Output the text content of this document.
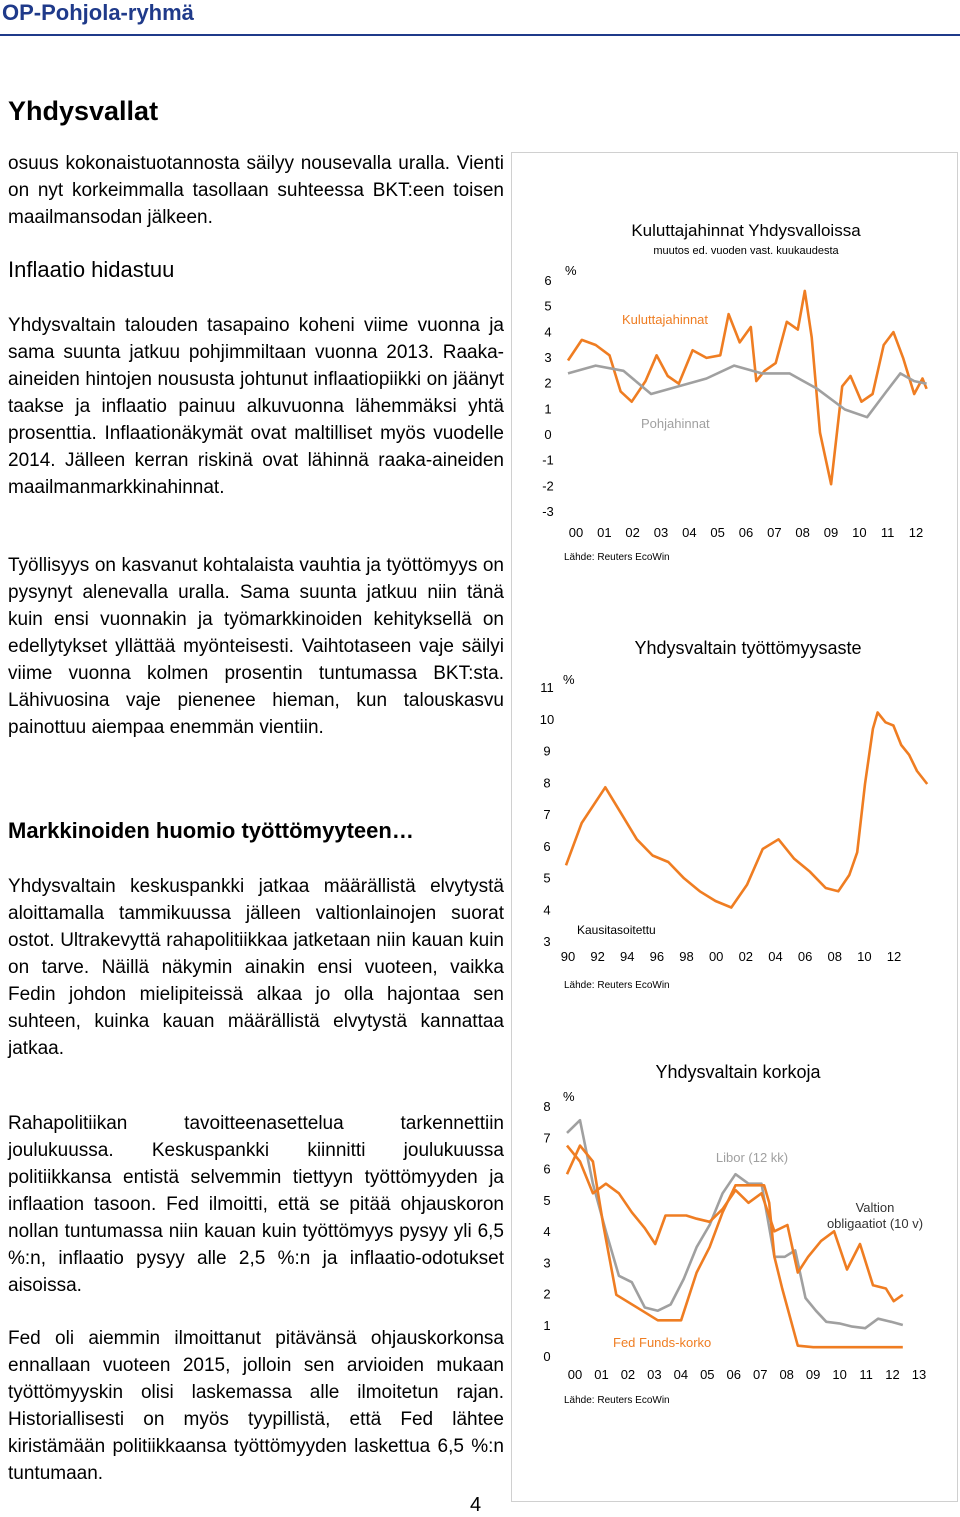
OP-Pohjola-ryhmä
Yhdysvallat

osuus kokonaistuotannosta säilyy nousevalla uralla. Vienti on nyt korkeimmalla tasollaan suhteessa BKT:een toisen maailmansodan jälkeen.

Inflaatio hidastuu

Yhdysvaltain talouden tasapaino koheni viime vuonna ja sama suunta jatkuu pohjimmiltaan vuonna 2013. Raaka-aineiden hintojen noususta johtunut inflaatiopiikki on jäänyt taakse ja inflaatio painuu alkuvuonna lähemmäksi yhtä prosenttia. Inflaationäkymät ovat maltilliset myös vuodelle 2014. Jälleen kerran riskinä ovat lähinnä raaka-aineiden maailmanmarkkinahinnat.

Työllisyys on kasvanut kohtalaista vauhtia ja työttömyys on pysynyt alenevalla uralla. Sama suunta jatkuu niin tänä kuin ensi vuonnakin ja työmarkkinoiden kehityksellä on edellytykset yllättää myönteisesti. Vaihtotaseen vaje säilyi viime vuonna kolmen prosentin tuntumassa BKT:sta. Lähivuosina vaje pienenee hieman, kun talouskasvu painottuu aiempaa enemmän vientiin.

Markkinoiden huomio työttömyyteen…

Yhdysvaltain keskuspankki jatkaa määrällistä elvytystä aloittamalla tammikuussa jälleen valtionlainojen suorat ostot. Ultrakevyttä rahapolitiikkaa jatketaan niin kauan kuin on tarve. Näillä näkymin ainakin ensi vuoteen, vaikka Fedin johdon mielipiteissä alkaa jo olla hajontaa sen suhteen, kuinka kauan määrällistä elvytystä kannattaa jatkaa.

Rahapolitiikan tavoitteenasettelua tarkennettiin joulukuussa. Keskuspankki kiinnitti joulukuussa politiikkansa entistä selvemmin tiettyyn työttömyyden ja inflaation tasoon. Fed ilmoitti, että se pitää ohjauskoron nollan tuntumassa niin kauan kuin työttömyys pysyy yli 6,5 %:n, inflaatio pysyy alle 2,5 %:n ja inflaatio-odotukset aisoissa.

Fed oli aiemmin ilmoittanut pitävänsä ohjauskorkonsa ennallaan vuoteen 2015, jolloin sen arvioiden mukaan työttömyyskin olisi laskemassa alle ilmoitetun rajan. Historiallisesti on myös tyypillistä, että Fed lähtee kiristämään politiikkaansa työttömyyden laskettua 6,5 %:n tuntumaan.

4
Kuluttajahinnat Yhdysvalloissa
muutos ed. vuoden vast. kuukaudesta
%
6
5
4
3
2
1
0
-1
-2
-3
00 01 02 03 04 05 06 07 08 09 10 11 12
Lähde: Reuters EcoWin
Kuluttajahinnat
Pohjahinnat
Yhdysvaltain työttömyysaste
%
11
10
9
8
7
6
5
4
3
90 92 94 96 98 00 02 04 06 08 10 12
Lähde: Reuters EcoWin
Kausitasoitettu
Yhdysvaltain korkoja
%
8
7
6
5
4
3
2
1
0
00 01 02 03 04 05 06 07 08 09 10 11 12 13
Lähde: Reuters EcoWin
Libor (12 kk)
Fed Funds-korko
Valtion obligaatiot (10 v)
